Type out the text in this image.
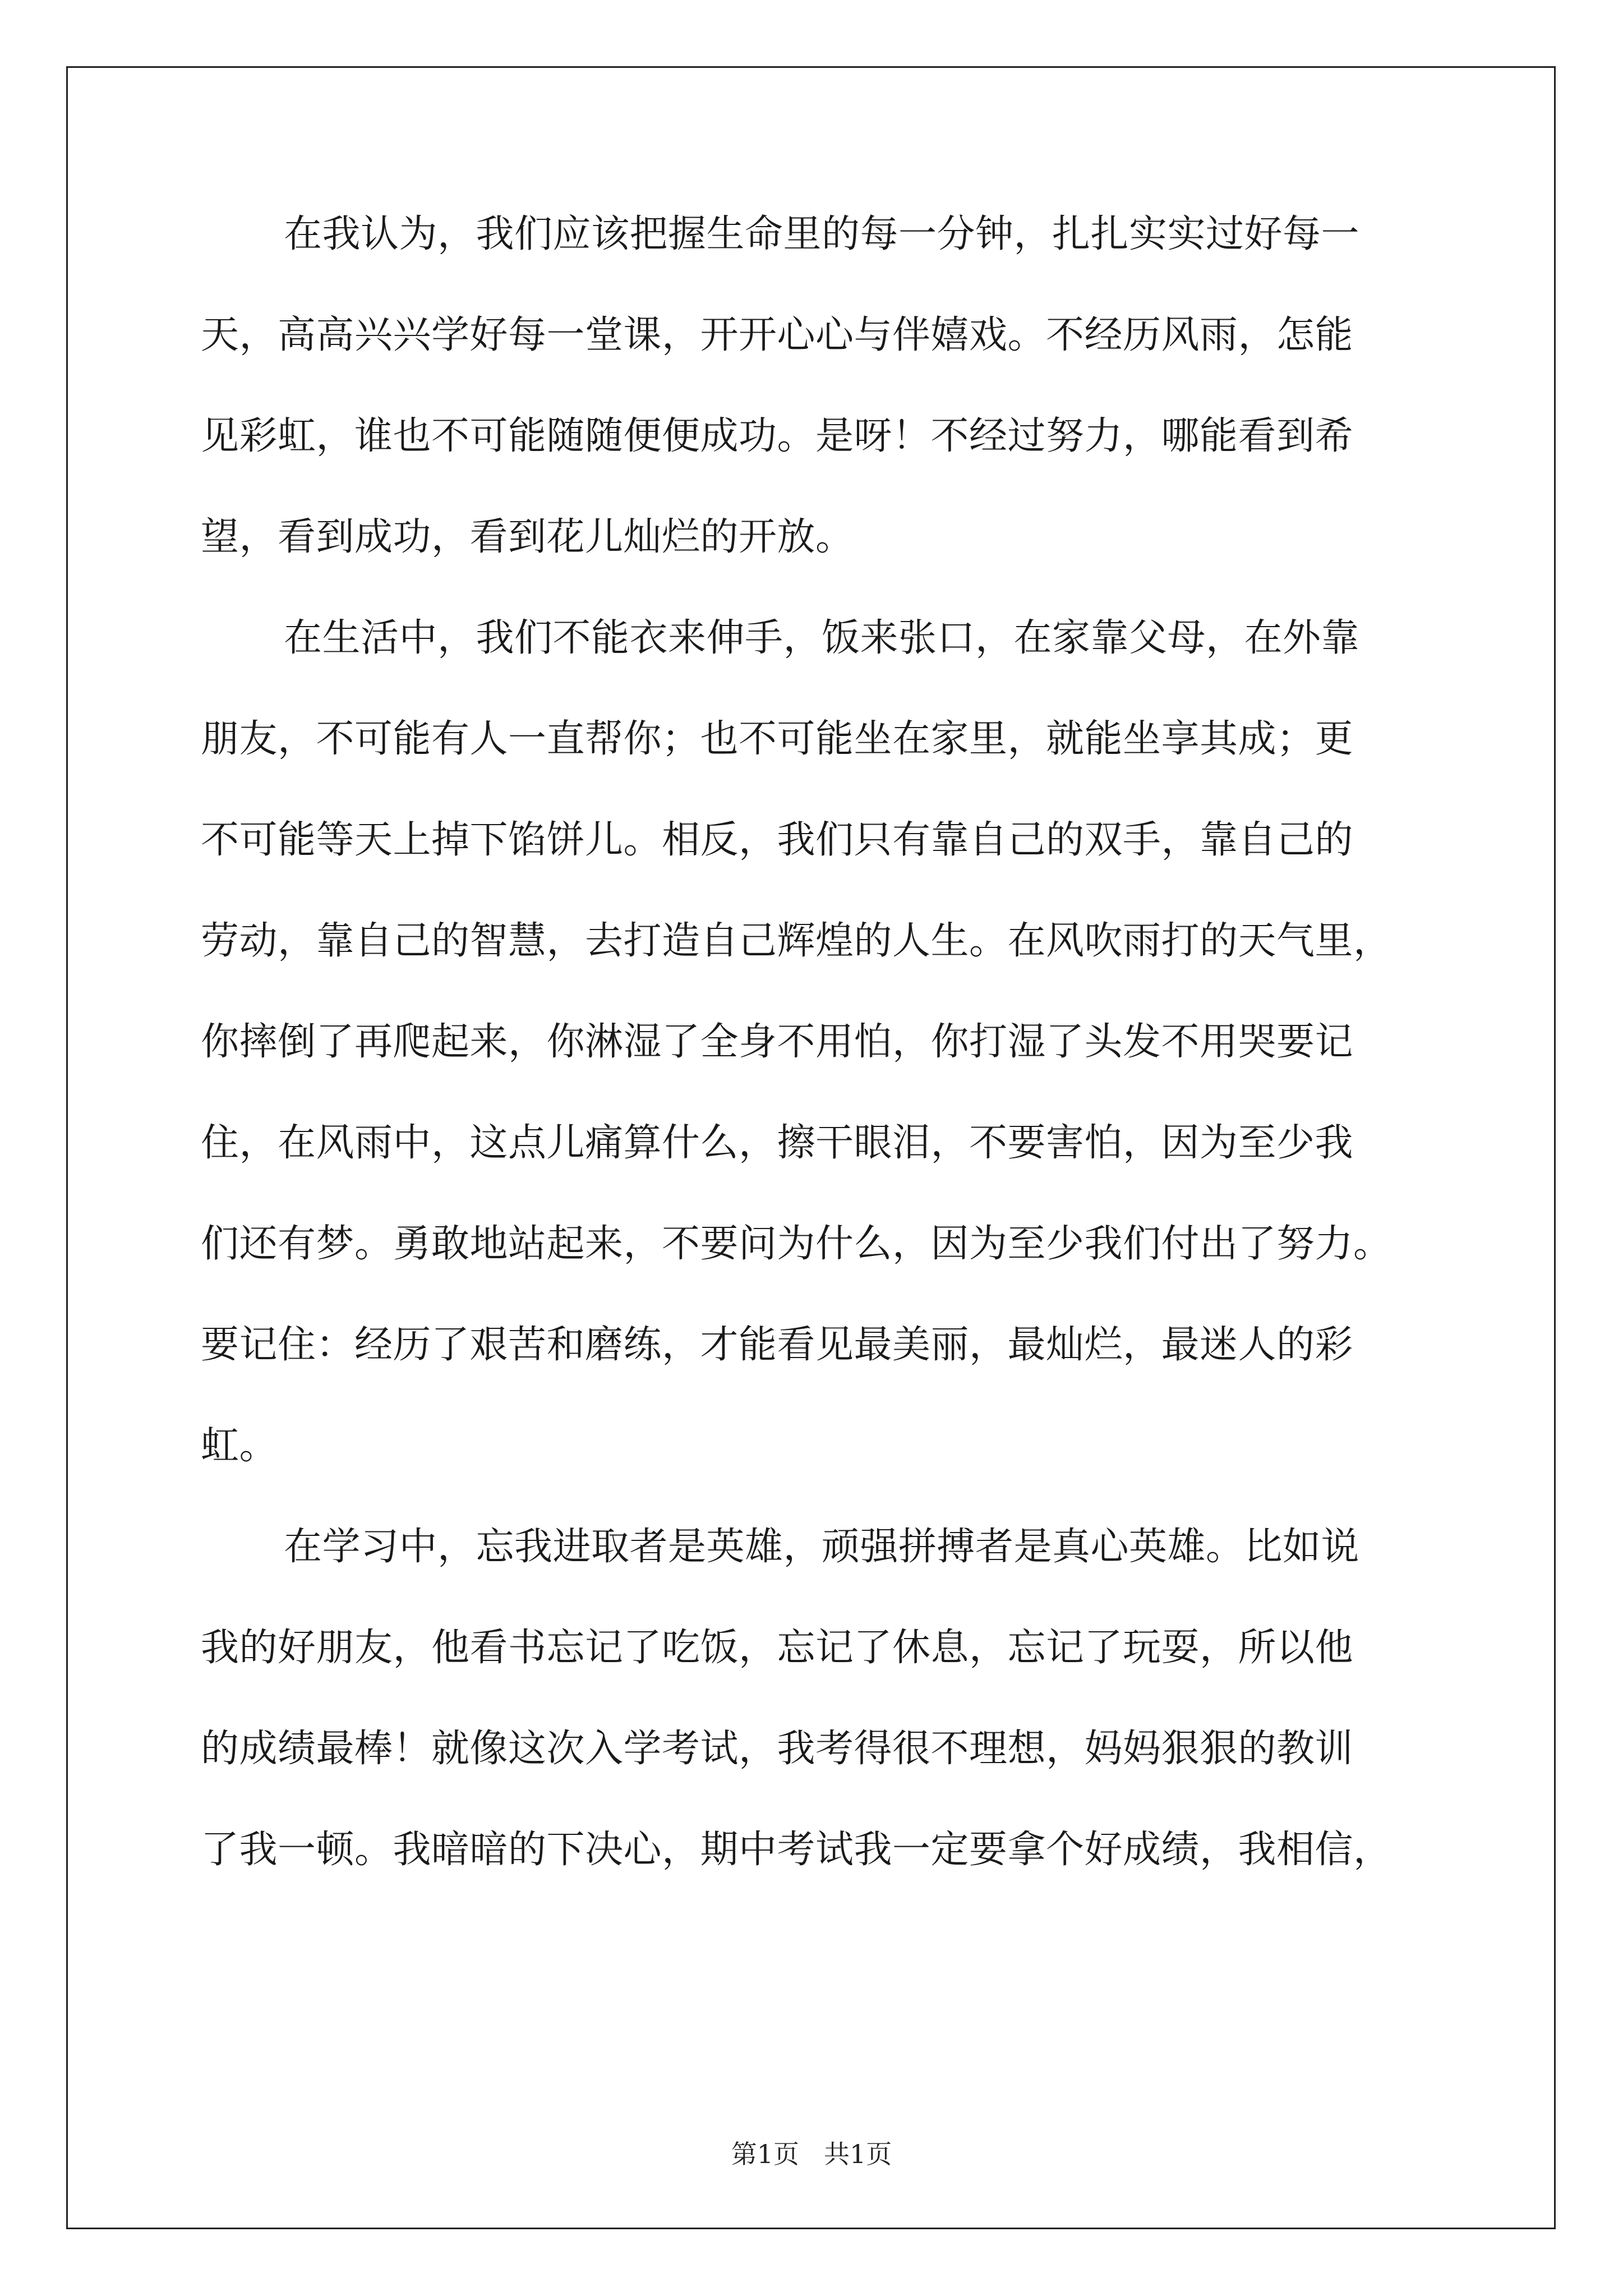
在我认为，我们应该把握生命里的每一分钟，扎扎实实过好每一
天，高高兴兴学好每一堂课，开开心心与伴嬉戏。不经历风雨，怎能
见彩虹，谁也不可能随随便便成功。是呀！不经过努力，哪能看到希
望，看到成功，看到花儿灿烂的开放。
在生活中，我们不能衣来伸手，饭来张口，在家靠父母，在外靠
朋友，不可能有人一直帮你；也不可能坐在家里，就能坐享其成；更
不可能等天上掉下馅饼儿。相反，我们只有靠自己的双手，靠自己的
劳动，靠自己的智慧，去打造自己辉煌的人生。在风吹雨打的天气里，
你摔倒了再爬起来，你淋湿了全身不用怕，你打湿了头发不用哭要记
住，在风雨中，这点儿痛算什么，擦干眼泪，不要害怕，因为至少我
们还有梦。勇敢地站起来，不要问为什么，因为至少我们付出了努力。
要记住：经历了艰苦和磨练，才能看见最美丽，最灿烂，最迷人的彩
虹。
在学习中，忘我进取者是英雄，顽强拼搏者是真心英雄。比如说
我的好朋友，他看书忘记了吃饭，忘记了休息，忘记了玩耍，所以他
的成绩最棒！就像这次入学考试，我考得很不理想，妈妈狠狠的教训
了我一顿。我暗暗的下决心，期中考试我一定要拿个好成绩，我相信，
第1页 共1页
